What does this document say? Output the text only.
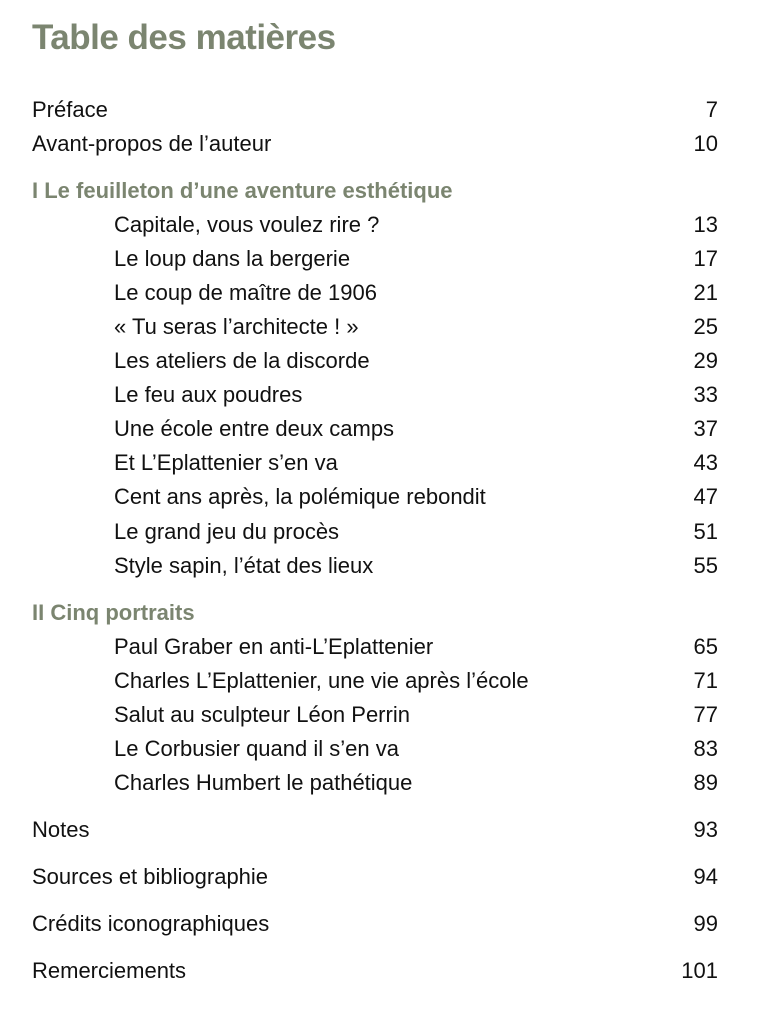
Table des matières
Préface	7
Avant-propos de l’auteur	10
I Le feuilleton d’une aventure esthétique
Capitale, vous voulez rire ?	13
Le loup dans la bergerie	17
Le coup de maître de 1906	21
« Tu seras l’architecte ! »	25
Les ateliers de la discorde	29
Le feu aux poudres	33
Une école entre deux camps	37
Et L’Eplattenier s’en va	43
Cent ans après, la polémique rebondit	47
Le grand jeu du procès	51
Style sapin, l’état des lieux	55
II Cinq portraits
Paul Graber en anti-L’Eplattenier	65
Charles L’Eplattenier, une vie après l’école	71
Salut au sculpteur Léon Perrin	77
Le Corbusier quand il s’en va	83
Charles Humbert le pathétique	89
Notes	93
Sources et bibliographie	94
Crédits iconographiques	99
Remerciements	101
